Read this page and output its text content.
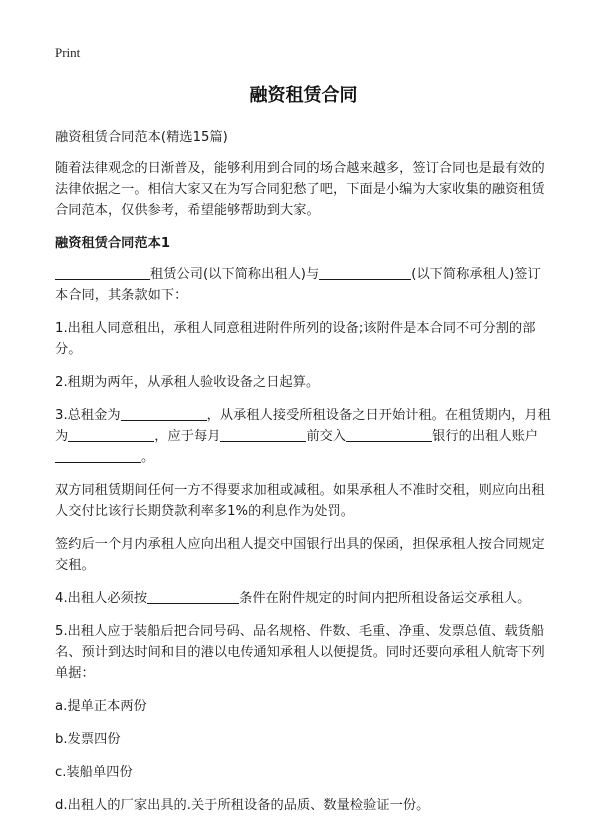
Print
融资租赁合同

融资租赁合同范本(精选15篇)

随着法律观念的日渐普及，能够利用到合同的场合越来越多，签订合同也是最有效的法律依据之一。相信大家又在为写合同犯愁了吧，下面是小编为大家收集的融资租赁合同范本，仅供参考，希望能够帮助到大家。

融资租赁合同范本1

租赁公司(以下简称出租人)与	(以下简称承租人)签订本合同，其条款如下：

1.出租人同意租出，承租人同意租进附件所列的设备;该附件是本合同不可分割的部分。

2.租期为两年，从承租人验收设备之日起算。

3.总租金为	，从承租人接受所租设备之日开始计租。在租赁期内，月租为	，应于每月	前交入	银行的出租人账户。

双方同租赁期间任何一方不得要求加租或减租。如果承租人不准时交租，则应向出租人交付比该行长期贷款利率多1%的利息作为处罚。

签约后一个月内承租人应向出租人提交中国银行出具的保函，担保承租人按合同规定交租。

4.出租人必须按	条件在附件规定的时间内把所租设备运交承租人。

5.出租人应于装船后把合同号码、品名规格、件数、毛重、净重、发票总值、载货船名、预计到达时间和目的港以电传通知承租人以便提货。同时还要向承租人航寄下列单据：

a.提单正本两份

b.发票四份

c.装船单四份

d.出租人的厂家出具的.关于所租设备的品质、数量检验证一份。
